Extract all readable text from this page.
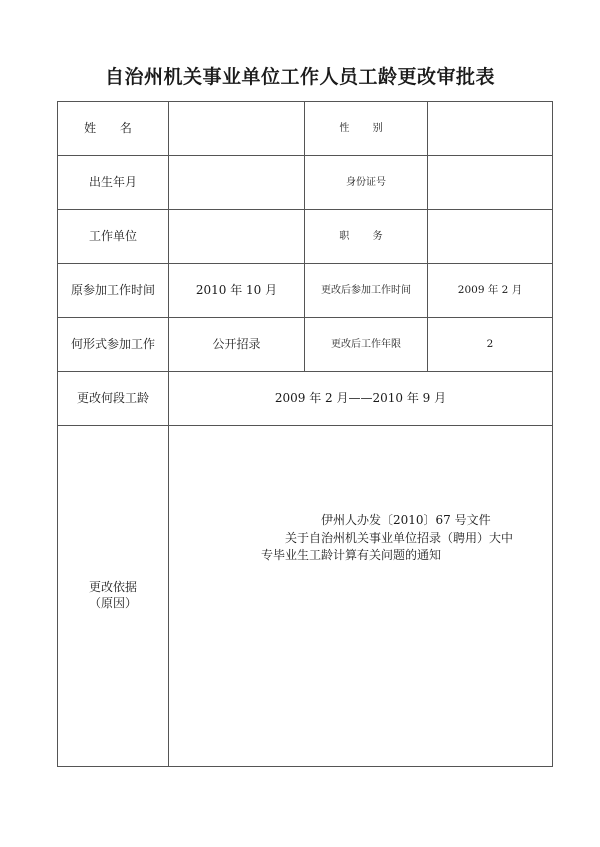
自治州机关事业单位工作人员工龄更改审批表
姓 名		性 别	
出生年月		身份证号	
工作单位		职 务	
原参加工作时间	2010 年 10 月	更改后参加工作时间	2009 年 2 月
何形式参加工作	公开招录	更改后工作年限	2
更改何段工龄	2009 年 2 月——2010 年 9 月		

更改依据
（原因）	伊州人办发〔2010〕67 号文件
关于自治州机关事业单位招录（聘用）大中
专毕业生工龄计算有关问题的通知		
